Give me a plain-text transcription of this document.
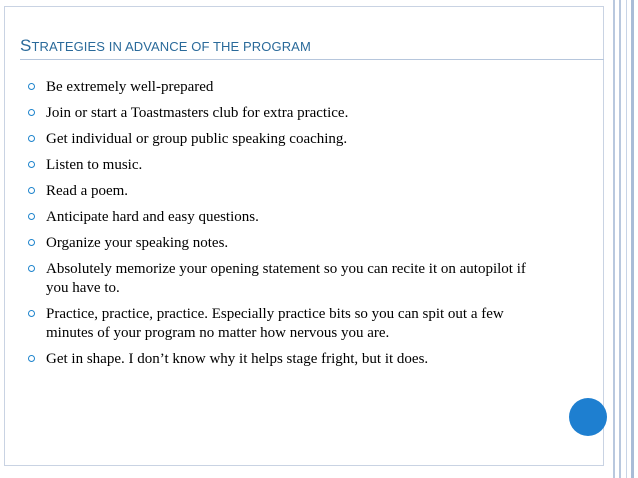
STRATEGIES IN ADVANCE OF THE PROGRAM
Be extremely well-prepared
Join or start a Toastmasters club for extra practice.
Get individual or group public speaking coaching.
Listen to music.
Read a poem.
Anticipate hard and easy questions.
Organize your speaking notes.
Absolutely memorize your opening statement so you can recite it on autopilot if you have to.
Practice, practice, practice. Especially practice bits so you can spit out a few minutes of your program no matter how nervous you are.
Get in shape. I don’t know why it helps stage fright, but it does.
